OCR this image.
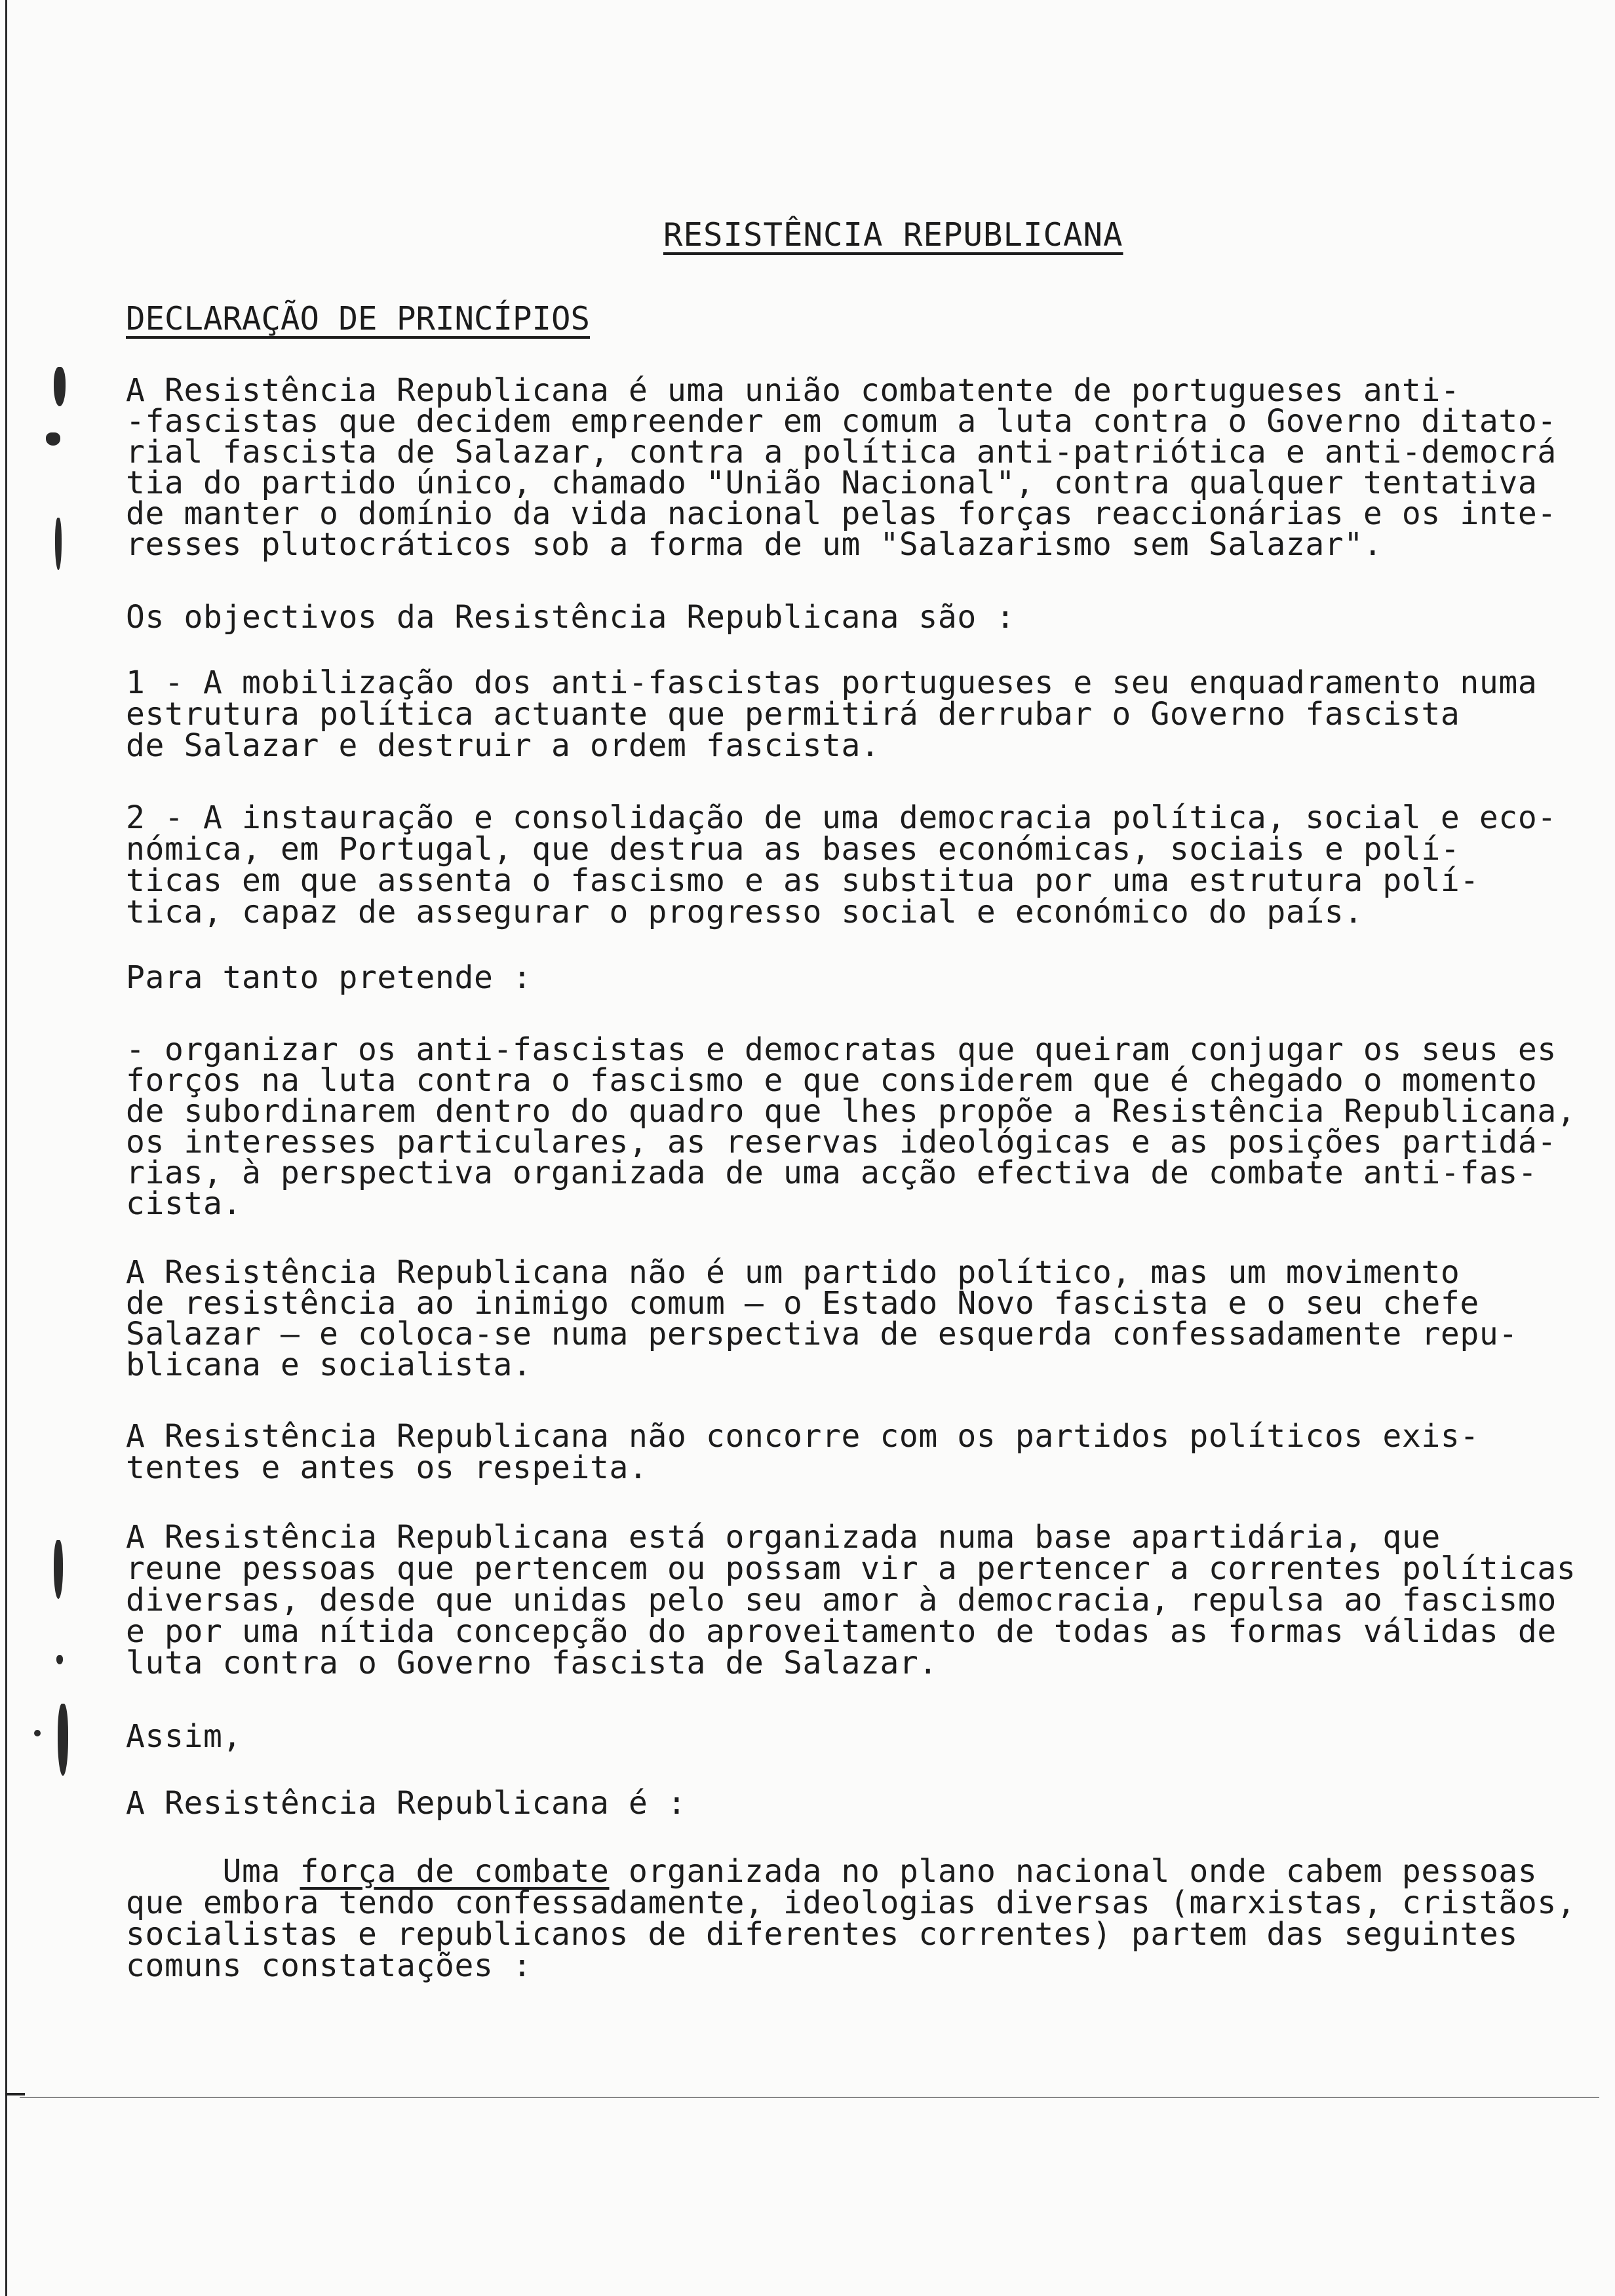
RESISTÊNCIA REPUBLICANA
DECLARAÇÃO DE PRINCÍPIOS
A Resistência Republicana é uma união combatente de portugueses anti-
-fascistas que decidem empreender em comum a luta contra o Governo ditato-
rial fascista de Salazar, contra a política anti-patriótica e anti-democrá
tia do partido único, chamado "União Nacional", contra qualquer tentativa
de manter o domínio da vida nacional pelas forças reaccionárias e os inte-
resses plutocráticos sob a forma de um "Salazarismo sem Salazar".
Os objectivos da Resistência Republicana são :
1 - A mobilização dos anti-fascistas portugueses e seu enquadramento numa
estrutura política actuante que permitirá derrubar o Governo fascista
de Salazar e destruir a ordem fascista.
2 - A instauração e consolidação de uma democracia política, social e eco-
nómica, em Portugal, que destrua as bases económicas, sociais e polí-
ticas em que assenta o fascismo e as substitua por uma estrutura polí-
tica, capaz de assegurar o progresso social e económico do país.
Para tanto pretende :
- organizar os anti-fascistas e democratas que queiram conjugar os seus es
forços na luta contra o fascismo e que considerem que é chegado o momento
de subordinarem dentro do quadro que lhes propõe a Resistência Republicana,
os interesses particulares, as reservas ideológicas e as posições partidá-
rias, à perspectiva organizada de uma acção efectiva de combate anti-fas-
cista.
A Resistência Republicana não é um partido político, mas um movimento
de resistência ao inimigo comum — o Estado Novo fascista e o seu chefe
Salazar — e coloca-se numa perspectiva de esquerda confessadamente repu-
blicana e socialista.
A Resistência Republicana não concorre com os partidos políticos exis-
tentes e antes os respeita.
A Resistência Republicana está organizada numa base apartidária, que
reune pessoas que pertencem ou possam vir a pertencer a correntes políticas
diversas, desde que unidas pelo seu amor à democracia, repulsa ao fascismo
e por uma nítida concepção do aproveitamento de todas as formas válidas de
luta contra o Governo fascista de Salazar.
Assim,
A Resistência Republicana é :
Uma força de combate organizada no plano nacional onde cabem pessoas
que embora tendo confessadamente, ideologias diversas (marxistas, cristãos,
socialistas e republicanos de diferentes correntes) partem das seguintes
comuns constatações :
